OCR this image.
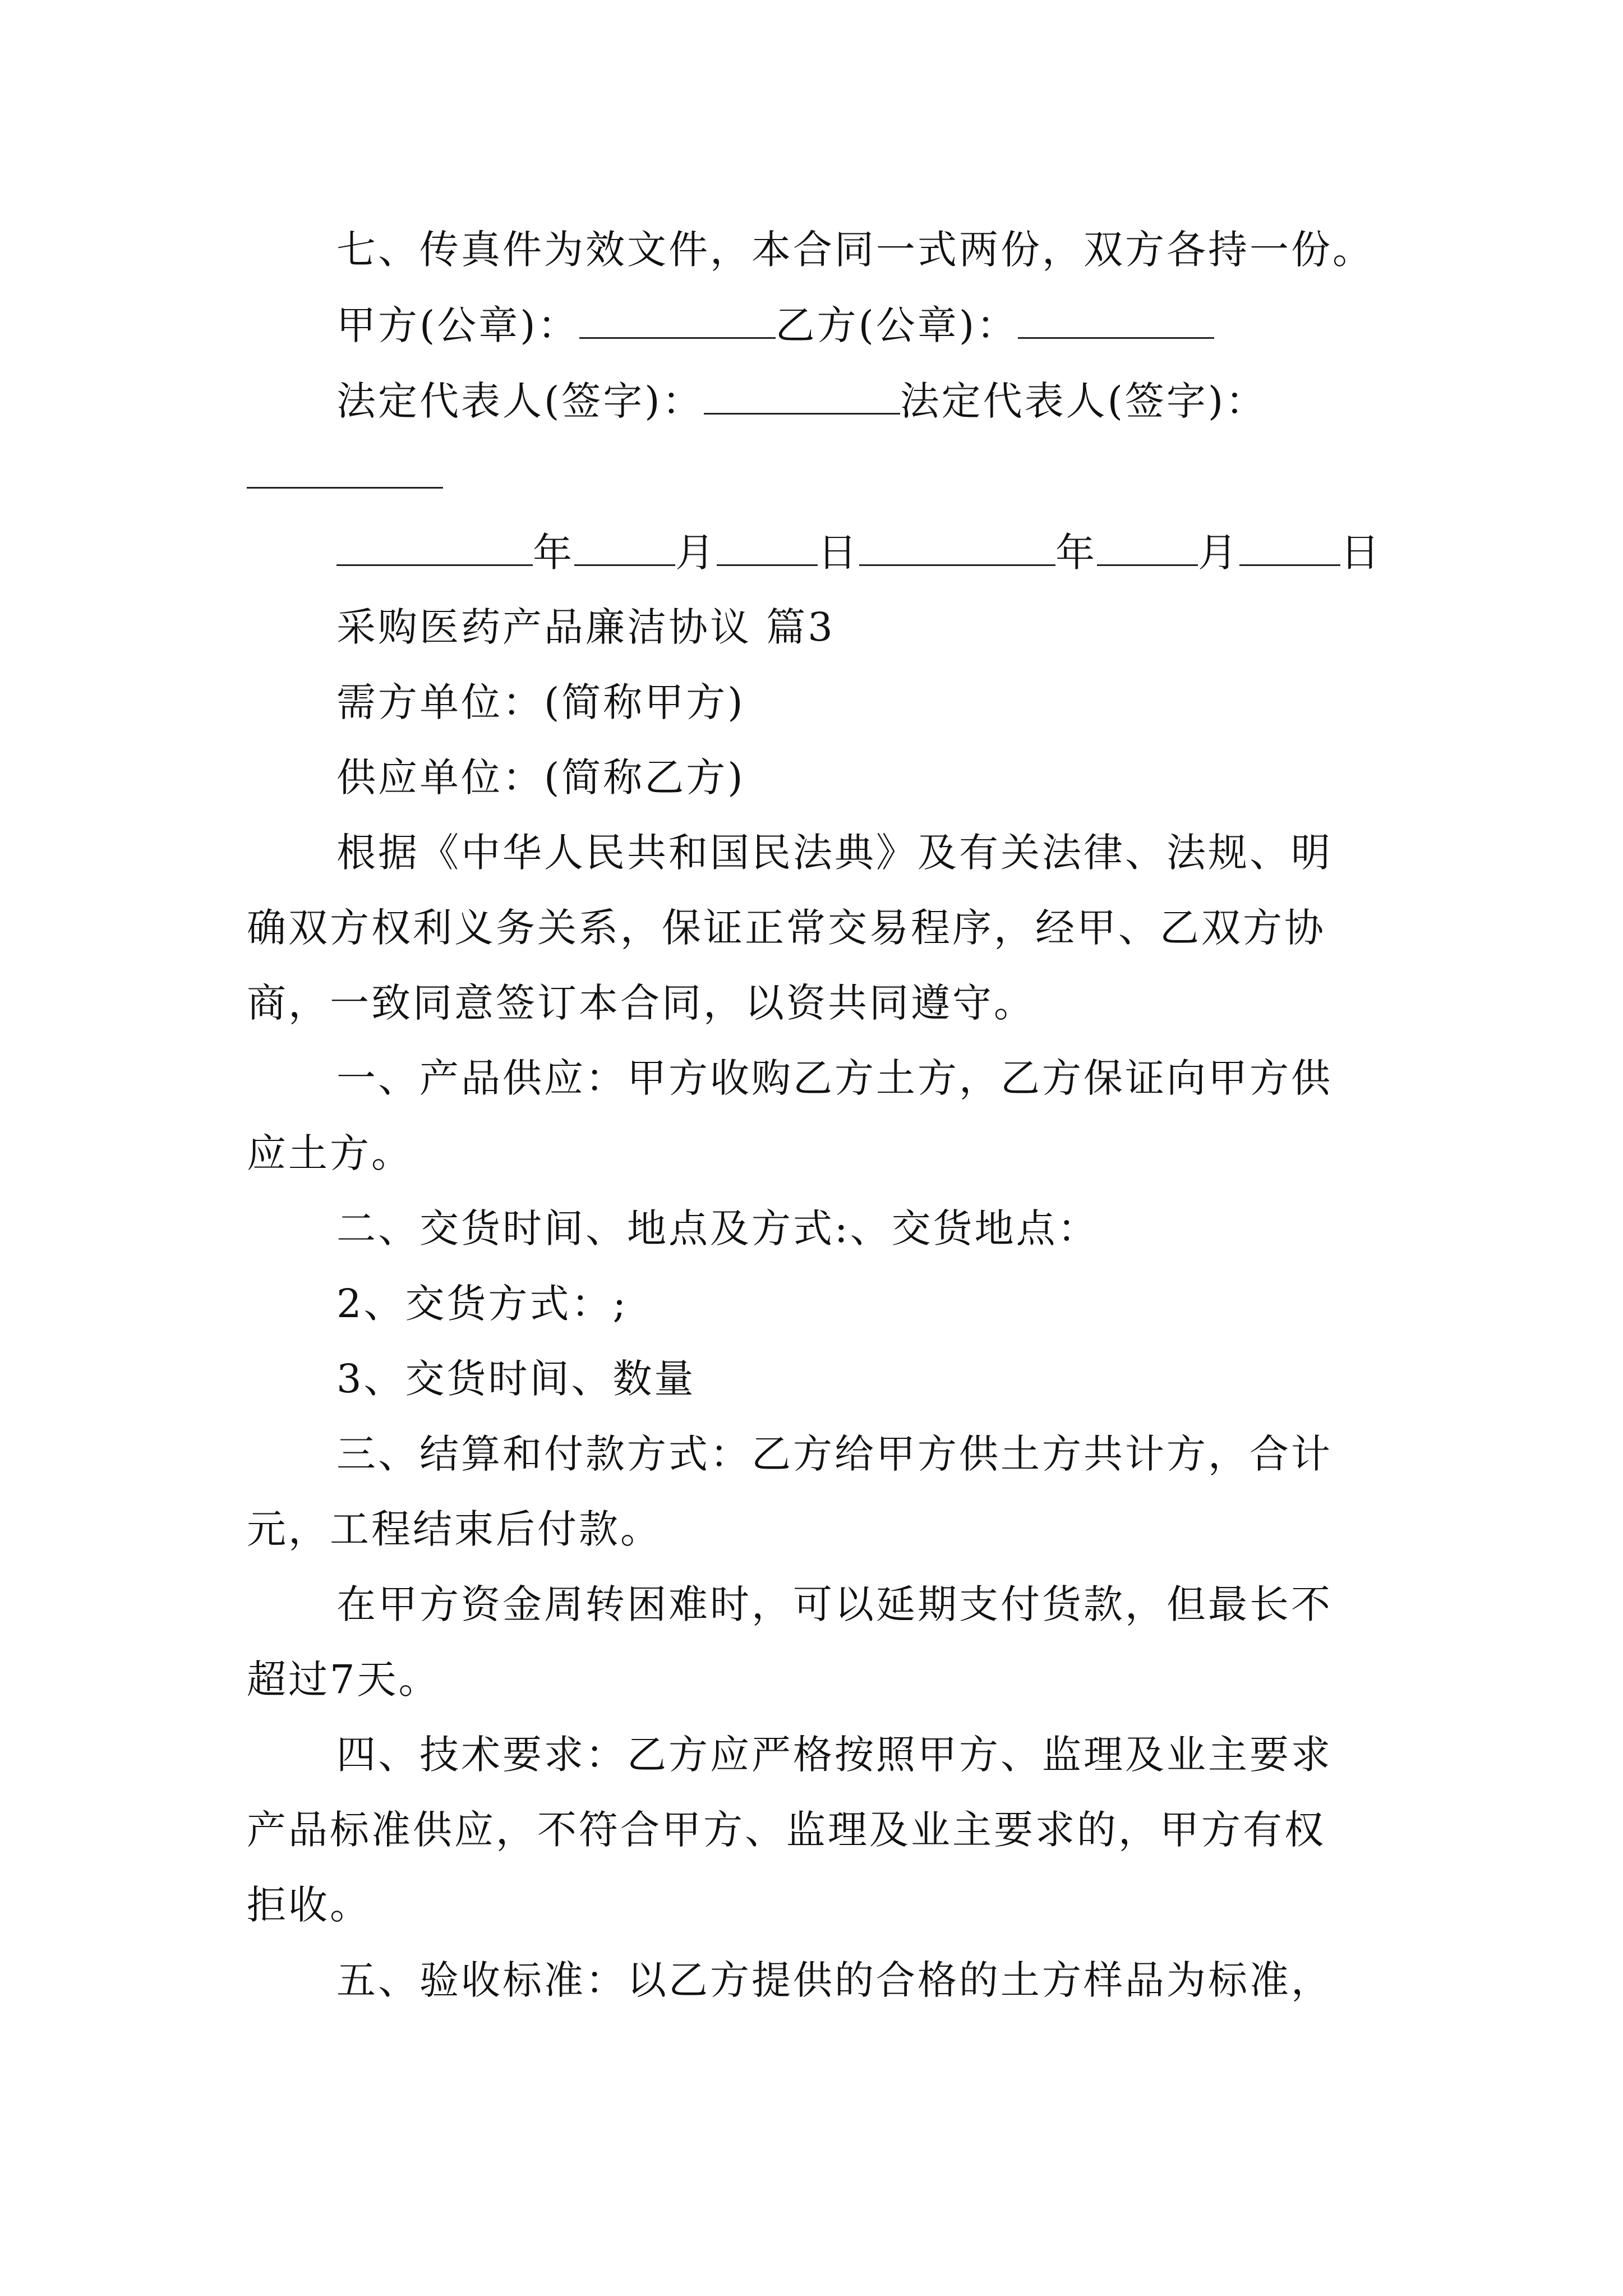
七、传真件为效文件，本合同一式两份，双方各持一份。
甲方(公章)：	乙方(公章)：
法定代表人(签字)：	法定代表人(签字)：
年	月	日	年	月	日
采购医药产品廉洁协议 篇3
需方单位：(简称甲方)
供应单位：(简称乙方)
根据《中华人民共和国民法典》及有关法律、法规、明
确双方权利义务关系，保证正常交易程序，经甲、乙双方协
商，一致同意签订本合同，以资共同遵守。
一、产品供应：甲方收购乙方土方，乙方保证向甲方供
应土方。
二、交货时间、地点及方式:、交货地点：
2、交货方式：;
3、交货时间、数量
三、结算和付款方式：乙方给甲方供土方共计方，合计
元，工程结束后付款。
在甲方资金周转困难时，可以延期支付货款，但最长不
超过7天。
四、技术要求：乙方应严格按照甲方、监理及业主要求
产品标准供应，不符合甲方、监理及业主要求的，甲方有权
拒收。
五、验收标准：以乙方提供的合格的土方样品为标准，
